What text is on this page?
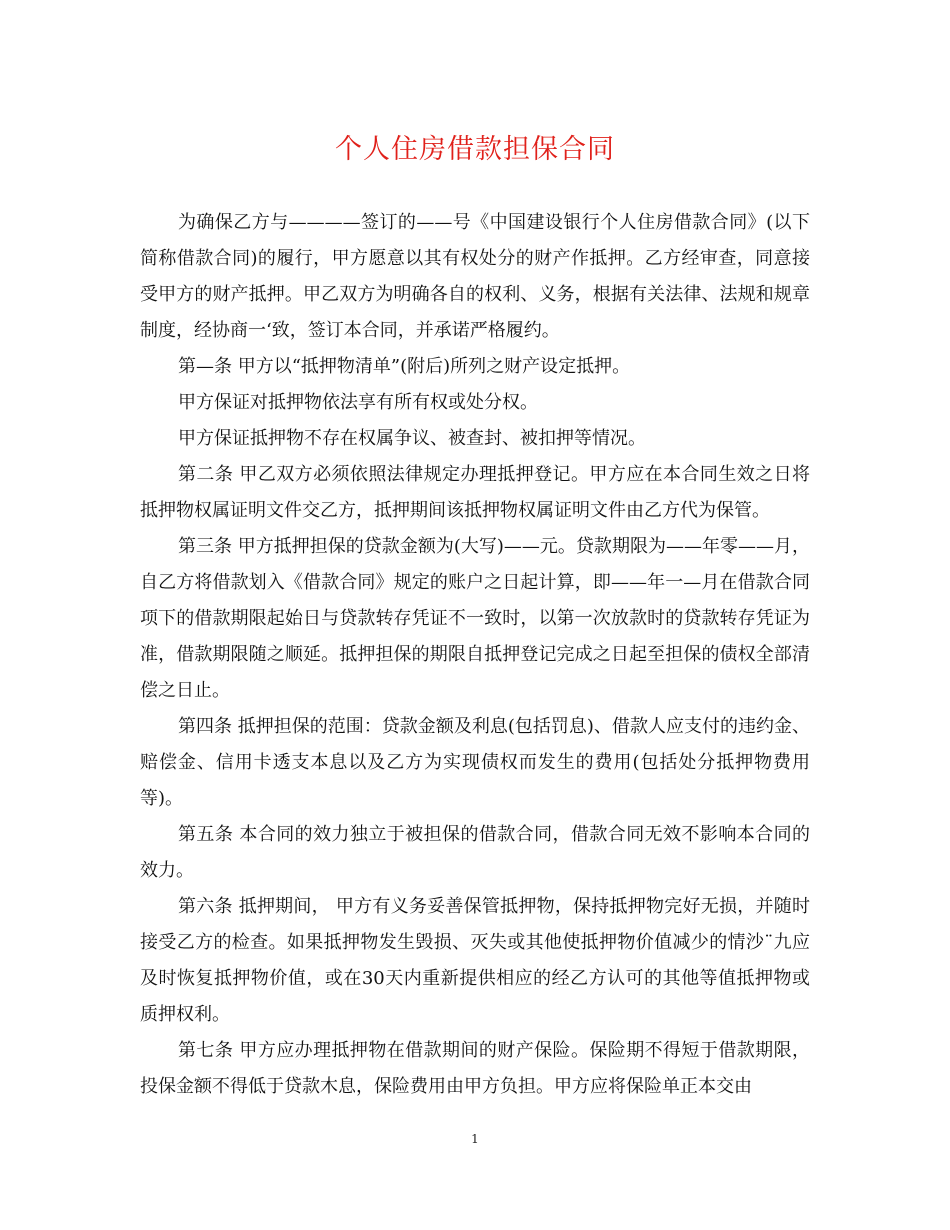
个人住房借款担保合同

为确保乙方与————签订的——号《中国建设银行个人住房借款合同》(以下简称借款合同)的履行，甲方愿意以其有权处分的财产作抵押。乙方经审查，同意接受甲方的财产抵押。甲乙双方为明确各自的权利、义务，根据有关法律、法规和规章制度，经协商一‘致，签订本合同，并承诺严格履约。

第—条 甲方以“抵押物清单”(附后)所列之财产设定抵押。

甲方保证对抵押物依法享有所有权或处分权。

甲方保证抵押物不存在权属争议、被查封、被扣押等情况。

第二条 甲乙双方必须依照法律规定办理抵押登记。甲方应在本合同生效之日将抵押物权属证明文件交乙方，抵押期间该抵押物权属证明文件由乙方代为保管。

第三条 甲方抵押担保的贷款金额为(大写)——元。贷款期限为——年零——月，自乙方将借款划入《借款合同》规定的账户之日起计算，即——年一—月在借款合同项下的借款期限起始日与贷款转存凭证不一致时，以第一次放款时的贷款转存凭证为准，借款期限随之顺延。抵押担保的期限自抵押登记完成之日起至担保的债权全部清偿之日止。

第四条 抵押担保的范围：贷款金额及利息(包括罚息)、借款人应支付的违约金、赔偿金、信用卡透支本息以及乙方为实现债权而发生的费用(包括处分抵押物费用等)。

第五条 本合同的效力独立于被担保的借款合同，借款合同无效不影响本合同的效力。

第六条 抵押期间， 甲方有义务妥善保管抵押物，保持抵押物完好无损，并随时接受乙方的检查。如果抵押物发生毁损、灭失或其他使抵押物价值减少的情沙¨九应及时恢复抵押物价值，或在30天内重新提供相应的经乙方认可的其他等值抵押物或质押权利。

第七条 甲方应办理抵押物在借款期间的财产保险。保险期不得短于借款期限，投保金额不得低于贷款木息，保险费用由甲方负担。甲方应将保险单正本交由

1
